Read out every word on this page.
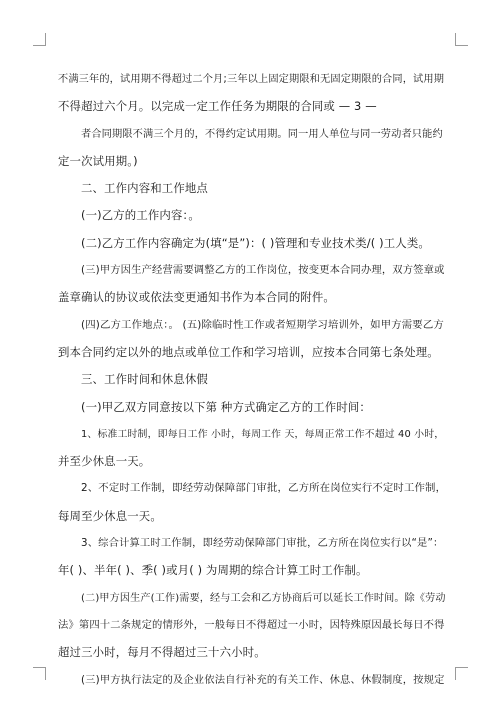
不满三年的，试用期不得超过二个月;三年以上固定期限和无固定期限的合同，试用期

不得超过六个月。以完成一定工作任务为期限的合同或 — 3 —

者合同期限不满三个月的，不得约定试用期。同一用人单位与同一劳动者只能约

定一次试用期。)

二、工作内容和工作地点

(一)乙方的工作内容：。

(二)乙方工作内容确定为(填“是”)：( )管理和专业技术类/( )工人类。

(三)甲方因生产经营需要调整乙方的工作岗位，按变更本合同办理，双方签章或

盖章确认的协议或依法变更通知书作为本合同的附件。

(四)乙方工作地点：。 (五)除临时性工作或者短期学习培训外，如甲方需要乙方

到本合同约定以外的地点或单位工作和学习培训，应按本合同第七条处理。

三、工作时间和休息休假

(一)甲乙双方同意按以下第 种方式确定乙方的工作时间：

1、标准工时制，即每日工作 小时，每周工作 天，每周正常工作不超过 40 小时，

并至少休息一天。

2、不定时工作制，即经劳动保障部门审批，乙方所在岗位实行不定时工作制，

每周至少休息一天。

3、综合计算工时工作制，即经劳动保障部门审批，乙方所在岗位实行以“是”：

年( )、半年( )、季( )或月( ) 为周期的综合计算工时工作制。

(二)甲方因生产(工作)需要，经与工会和乙方协商后可以延长工作时间。除《劳动

法》第四十二条规定的情形外，一般每日不得超过一小时，因特殊原因最长每日不得

超过三小时，每月不得超过三十六小时。

(三)甲方执行法定的及企业依法自行补充的有关工作、休息、休假制度，按规定
